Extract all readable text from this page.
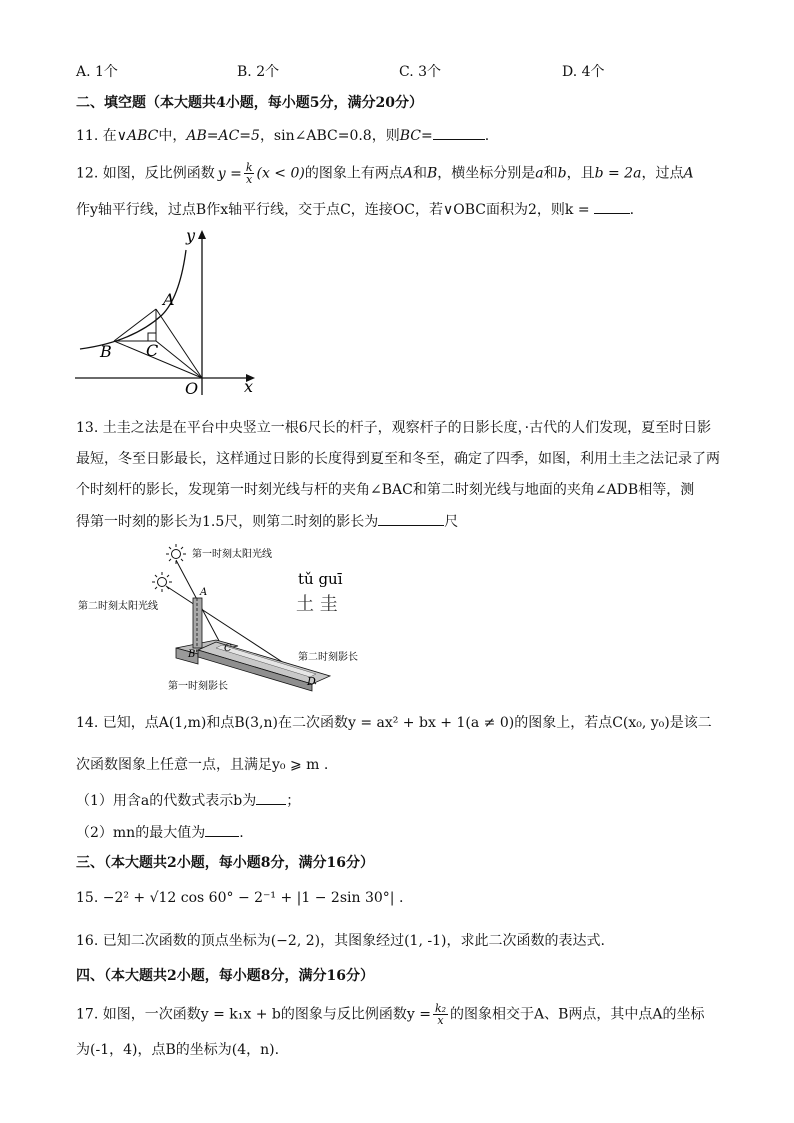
A. 1个	B. 2个	C. 3个	D. 4个
二、填空题（本大题共4小题，每小题5分，满分20分）
11. 在∨ABC中，AB=AC=5，sin∠ABC=0.8，则BC=	.
12. 如图，反比例函数 $y = \frac{k}{x} (x < 0)$的图象上有两点A和B，横坐标分别是a和b，且b = 2a，过点A
作y轴平行线，过点B作x轴平行线，交于点C，连接OC，若∨OBC面积为2，则k =	.
y
x
A
B C
O
13. 土圭之法是在平台中央竖立一根6尺长的杆子，观察杆子的日影长度，·古代的人们发现，夏至时日影
最短，冬至日影最长，这样通过日影的长度得到夏至和冬至，确定了四季，如图，利用土圭之法记录了两
个时刻杆的影长，发现第一时刻光线与杆的夹角∠BAC和第二时刻光线与地面的夹角∠ADB相等，测
得第一时刻的影长为1.5尺，则第二时刻的影长为	尺
A
B'
C
D
第一时刻太阳光线
第二时刻太阳光线
tǔ guī
土 圭
第二时刻影长
第一时刻影长
14. 已知，点A(1,m)和点B(3,n)在二次函数y = ax² + bx + 1(a ≠ 0)的图象上，若点C(x₀, y₀)是该二
次函数图象上任意一点，且满足y₀ ⩾ m .
（1）用含a的代数式表示b为 ；
（2）mn的最大值为 .
三、（本大题共2小题，每小题8分，满分16分）
15. −2² + √12 cos 60° − 2⁻¹ + |1 − 2sin 30°| .
16. 已知二次函数的顶点坐标为(−2, 2)，其图象经过(1, -1)，求此二次函数的表达式.
四、（本大题共2小题，每小题8分，满分16分）
17. 如图，一次函数y = k₁x + b的图象与反比例函数$y = \frac{\text{k₂}}{x}$ 的图象相交于A、B两点，其中点A的坐标
为(-1，4)，点B的坐标为(4，n).
